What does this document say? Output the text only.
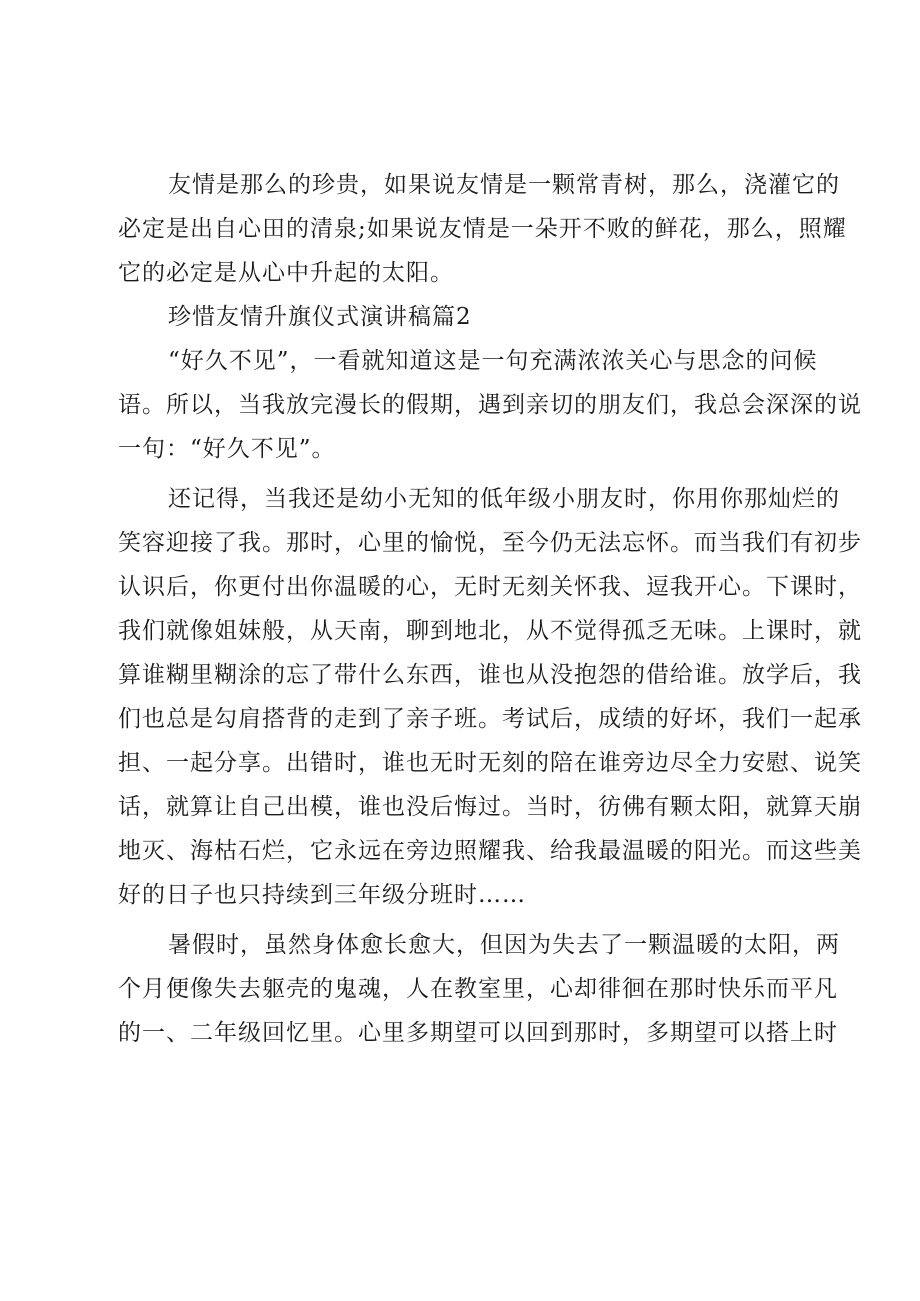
友情是那么的珍贵，如果说友情是一颗常青树，那么，浇灌它的
必定是出自心田的清泉;如果说友情是一朵开不败的鲜花，那么，照耀
它的必定是从心中升起的太阳。
珍惜友情升旗仪式演讲稿篇2
“好久不见”，一看就知道这是一句充满浓浓关心与思念的问候
语。所以，当我放完漫长的假期，遇到亲切的朋友们，我总会深深的说
一句：“好久不见”。
还记得，当我还是幼小无知的低年级小朋友时，你用你那灿烂的
笑容迎接了我。那时，心里的愉悦，至今仍无法忘怀。而当我们有初步
认识后，你更付出你温暖的心，无时无刻关怀我、逗我开心。下课时，
我们就像姐妹般，从天南，聊到地北，从不觉得孤乏无味。上课时，就
算谁糊里糊涂的忘了带什么东西，谁也从没抱怨的借给谁。放学后，我
们也总是勾肩搭背的走到了亲子班。考试后，成绩的好坏，我们一起承
担、一起分享。出错时，谁也无时无刻的陪在谁旁边尽全力安慰、说笑
话，就算让自己出模，谁也没后悔过。当时，彷佛有颗太阳，就算天崩
地灭、海枯石烂，它永远在旁边照耀我、给我最温暖的阳光。而这些美
好的日子也只持续到三年级分班时……
暑假时，虽然身体愈长愈大，但因为失去了一颗温暖的太阳，两
个月便像失去躯壳的鬼魂，人在教室里，心却徘徊在那时快乐而平凡
的一、二年级回忆里。心里多期望可以回到那时，多期望可以搭上时
